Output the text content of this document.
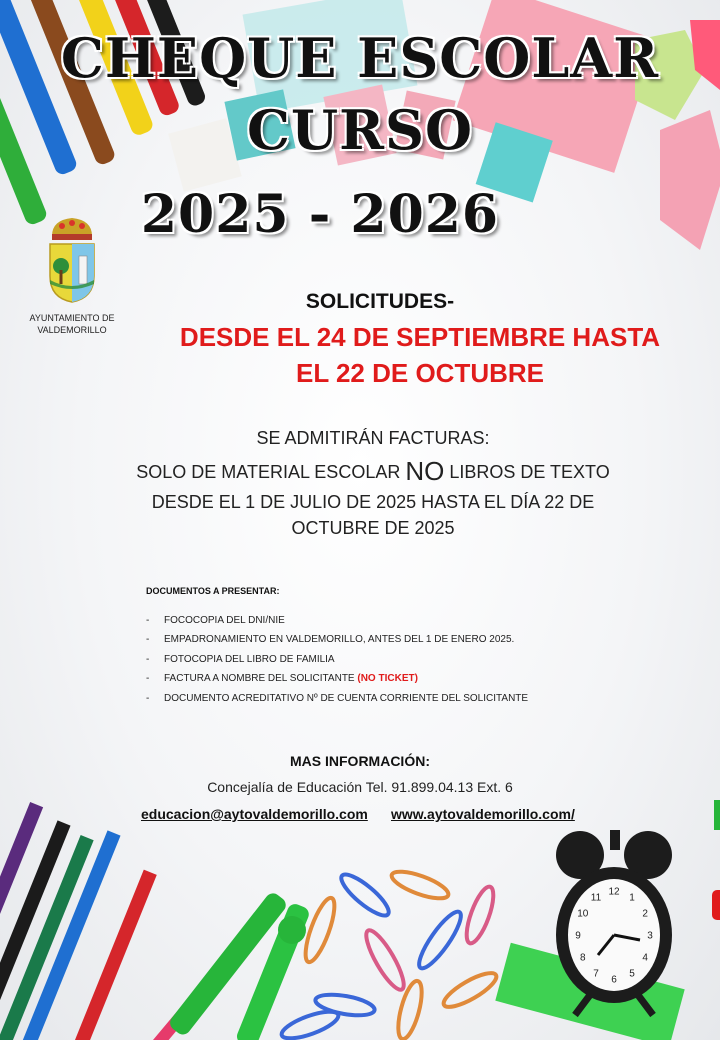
12
1
2
3
4
5
6
7
8
9
10
11
CHEQUE ESCOLAR
CURSO
2025 - 2026
AYUNTAMIENTO DE VALDEMORILLO
SOLICITUDES-
DESDE EL 24 DE SEPTIEMBRE HASTA
EL 22 DE OCTUBRE
SE ADMITIRÁN FACTURAS:
SOLO DE MATERIAL ESCOLAR NO LIBROS DE TEXTO
DESDE EL 1 DE JULIO DE 2025 HASTA EL DÍA 22 DE
OCTUBRE DE 2025
DOCUMENTOS A PRESENTAR:
- FOCOCOPIA DEL DNI/NIE
- EMPADRONAMIENTO EN VALDEMORILLO, ANTES DEL 1 DE ENERO 2025.
- FOTOCOPIA DEL LIBRO DE FAMILIA
- FACTURA A NOMBRE DEL SOLICITANTE (NO TICKET)
- DOCUMENTO ACREDITATIVO Nº DE CUENTA CORRIENTE DEL SOLICITANTE
MAS INFORMACIÓN:
Concejalía de Educación Tel. 91.899.04.13 Ext. 6
educacion@aytovaldemorillo.com www.aytovaldemorillo.com/
